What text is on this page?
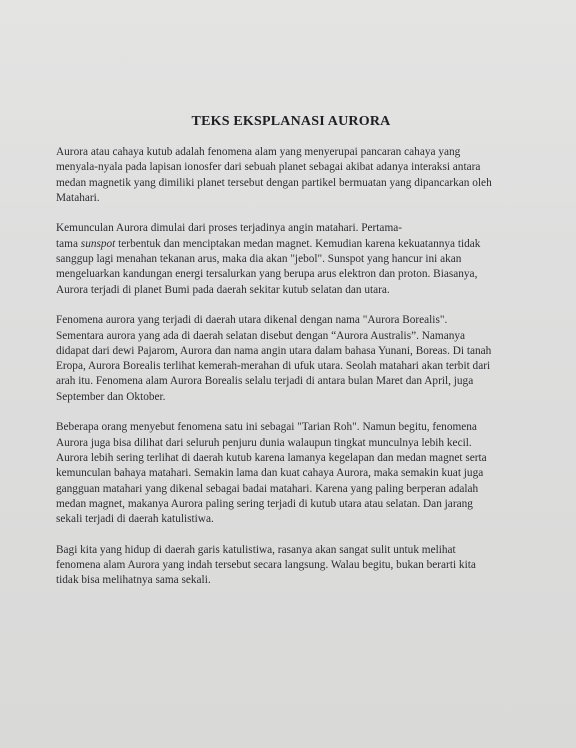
TEKS EKSPLANASI AURORA

Aurora atau cahaya kutub adalah fenomena alam yang menyerupai pancaran cahaya yang
menyala-nyala pada lapisan ionosfer dari sebuah planet sebagai akibat adanya interaksi antara
medan magnetik yang dimiliki planet tersebut dengan partikel bermuatan yang dipancarkan oleh
Matahari.

Kemunculan Aurora dimulai dari proses terjadinya angin matahari. Pertama-
tama sunspot terbentuk dan menciptakan medan magnet. Kemudian karena kekuatannya tidak
sanggup lagi menahan tekanan arus, maka dia akan "jebol". Sunspot yang hancur ini akan
mengeluarkan kandungan energi tersalurkan yang berupa arus elektron dan proton. Biasanya,
Aurora terjadi di planet Bumi pada daerah sekitar kutub selatan dan utara.

Fenomena aurora yang terjadi di daerah utara dikenal dengan nama "Aurora Borealis".
Sementara aurora yang ada di daerah selatan disebut dengan “Aurora Australis”. Namanya
didapat dari dewi Pajarom, Aurora dan nama angin utara dalam bahasa Yunani, Boreas. Di tanah
Eropa, Aurora Borealis terlihat kemerah-merahan di ufuk utara. Seolah matahari akan terbit dari
arah itu. Fenomena alam Aurora Borealis selalu terjadi di antara bulan Maret dan April, juga
September dan Oktober.

Beberapa orang menyebut fenomena satu ini sebagai "Tarian Roh". Namun begitu, fenomena
Aurora juga bisa dilihat dari seluruh penjuru dunia walaupun tingkat munculnya lebih kecil.
Aurora lebih sering terlihat di daerah kutub karena lamanya kegelapan dan medan magnet serta
kemunculan bahaya matahari. Semakin lama dan kuat cahaya Aurora, maka semakin kuat juga
gangguan matahari yang dikenal sebagai badai matahari. Karena yang paling berperan adalah
medan magnet, makanya Aurora paling sering terjadi di kutub utara atau selatan. Dan jarang
sekali terjadi di daerah katulistiwa.

Bagi kita yang hidup di daerah garis katulistiwa, rasanya akan sangat sulit untuk melihat
fenomena alam Aurora yang indah tersebut secara langsung. Walau begitu, bukan berarti kita
tidak bisa melihatnya sama sekali.
